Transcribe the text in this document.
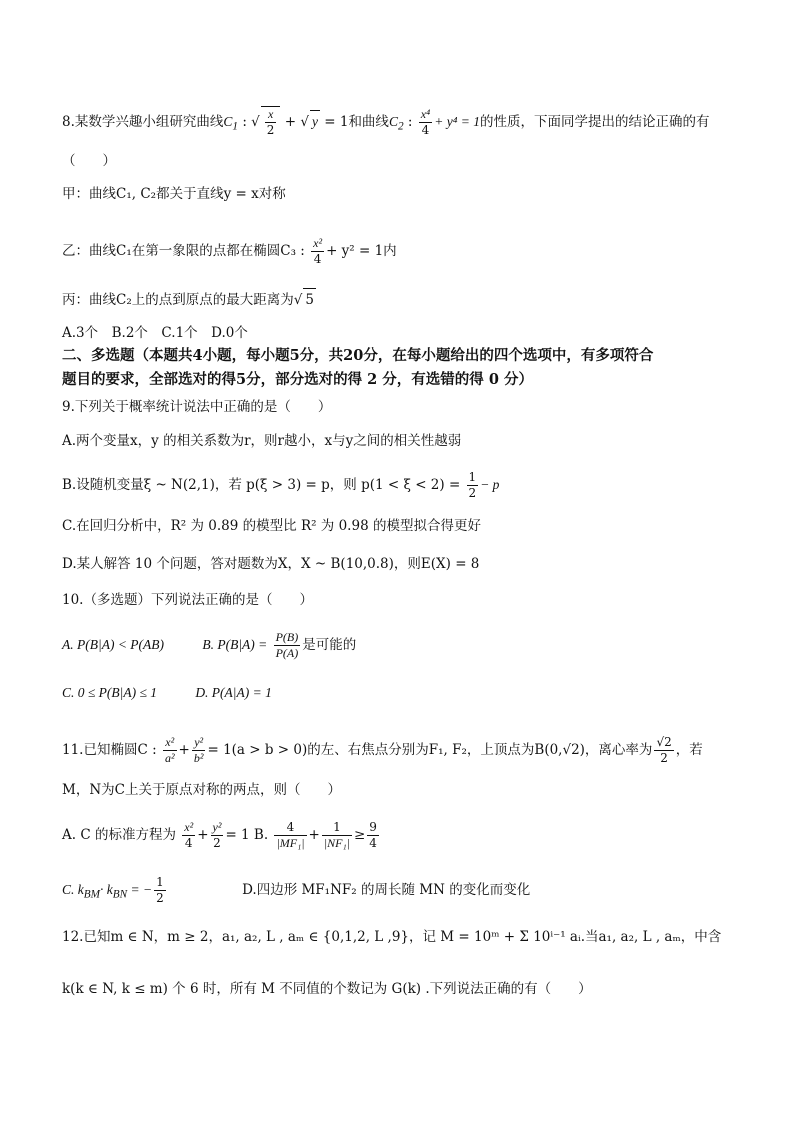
8.某数学兴趣小组研究曲线$C_1$ : √ $\frac{x}{2}$ + √ y = 1和曲线$C_2$ : $\frac{\text{x⁴}}{4} + y^4 = 1$的性质，下面同学提出的结论正确的有
（　　）
甲：曲线C₁, C₂都关于直线y = x对称
乙：曲线C₁在第一象限的点都在椭圆C₃ : $\frac{\text{x²}}{4} + y^2 = 1$内
丙：曲线C₂上的点到原点的最大距离为√ 5
A.3个　B.2个　C.1个　D.0个
二、多选题（本题共4小题，每小题5分，共20分，在每小题给出的四个选项中，有多项符合
题目的要求，全部选对的得5分，部分选对的得 2 分，有选错的得 0 分）
9.下列关于概率统计说法中正确的是（　　）
A.两个变量x，y 的相关系数为r，则r越小，x与y之间的相关性越弱
B.设随机变量ξ ~ N(2,1)，若 p(ξ > 3) = p，则 $p(1 < \xi < 2) = \frac{1}{2} - p$
C.在回归分析中，R² 为 0.89 的模型比 R² 为 0.98 的模型拟合得更好
D.某人解答 10 个问题，答对题数为X，X ~ B(10,0.8)，则E(X) = 8
10.（多选题）下列说法正确的是（　　）
A. P(B|A) < P(AB)	B. $P(B|A) = \frac{P(B)}{P(A)}$ 是可能的
C. 0 ≤ P(B|A) ≤ 1	D. P(A|A) = 1
11.已知椭圆C : $\frac{\text{x²}}{\text{a²}} + \frac{\text{y²}}{\text{b²}} = 1(a > b > 0)$的左、右焦点分别为F₁, F₂，上顶点为B(0,√2)，离心率为 $\frac{√2}{2}$ ，若
M，N为C上关于原点对称的两点，则（　　）
A. C 的标准方程为 $\frac{\text{x²}}{4} + \frac{\text{y²}}{2} = 1$ B. $\frac{4}{\text{|MF₁|}} + \frac{1}{\text{|NF₁|}} \ge \frac{9}{4}$
C. $k_{BM}\cdot k_{BN}$ = − $\frac{1}{2}$	D.四边形 MF₁NF₂ 的周长随 MN 的变化而变化
12.已知m ∈ N，m ≥ 2，a₁, a₂, L , aₘ ∈ {0,1,2, L ,9}，记 M = 10ᵐ + Σ 10ⁱ⁻¹ aᵢ.当a₁, a₂, L , aₘ，中含
k(k ∈ N, k ≤ m) 个 6 时，所有 M 不同值的个数记为 G(k) .下列说法正确的有（　　）
